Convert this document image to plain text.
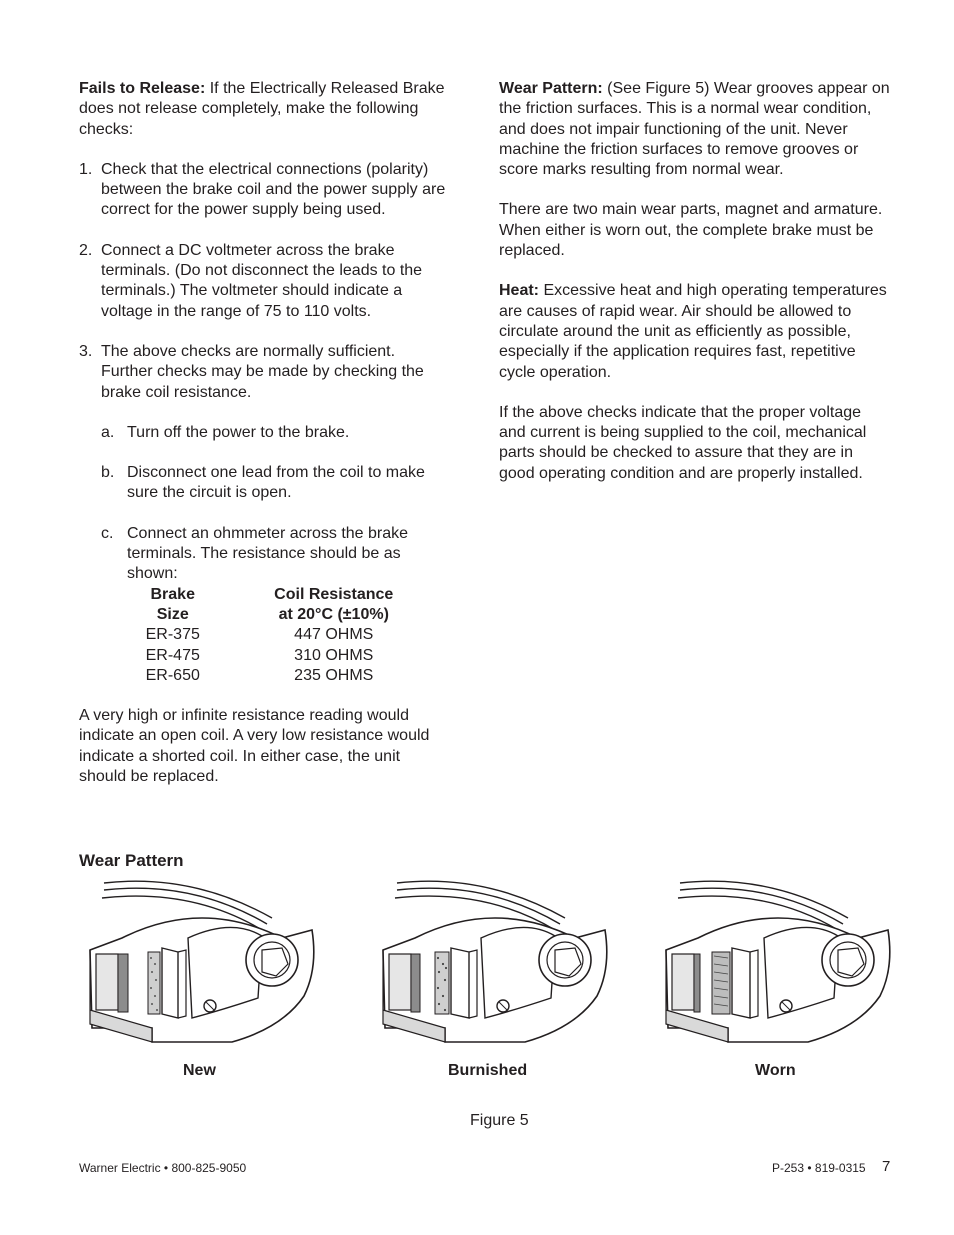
Fails to Release: If the Electrically Released Brake does not release completely, make the following checks:

1. Check that the electrical connections (polarity) between the brake coil and the power supply are correct for the power supply being used.
2. Connect a DC voltmeter across the brake terminals. (Do not disconnect the leads to the terminals.) The voltmeter should indicate a voltage in the range of 75 to 110 volts.
3. The above checks are normally sufficient. Further checks may be made by checking the brake coil resistance.
a. Turn off the power to the brake.
b. Disconnect one lead from the coil to make sure the circuit is open.
c. Connect an ohmmeter across the brake terminals. The resistance should be as shown:
Brake	Coil Resistance
Size	at 20°C (±10%)
ER-375	447 OHMS
ER-475	310 OHMS
ER-650	235 OHMS

A very high or infinite resistance reading would indicate an open coil. A very low resistance would indicate a shorted coil. In either case, the unit should be replaced.

Wear Pattern: (See Figure 5) Wear grooves appear on the friction surfaces. This is a normal wear condition, and does not impair functioning of the unit. Never machine the friction surfaces to remove grooves or score marks resulting from normal wear.

There are two main wear parts, magnet and armature. When either is worn out, the complete brake must be replaced.

Heat: Excessive heat and high operating temperatures are causes of rapid wear. Air should be allowed to circulate around the unit as efficiently as possible, especially if the application requires fast, repetitive cycle operation.

If the above checks indicate that the proper voltage and current is being supplied to the coil, mechanical parts should be checked to assure that they are in good operating condition and are properly installed.

Wear Pattern
New	Burnished	Worn
Figure 5
Warner Electric • 800-825-9050	P-253 • 819-0315 7
